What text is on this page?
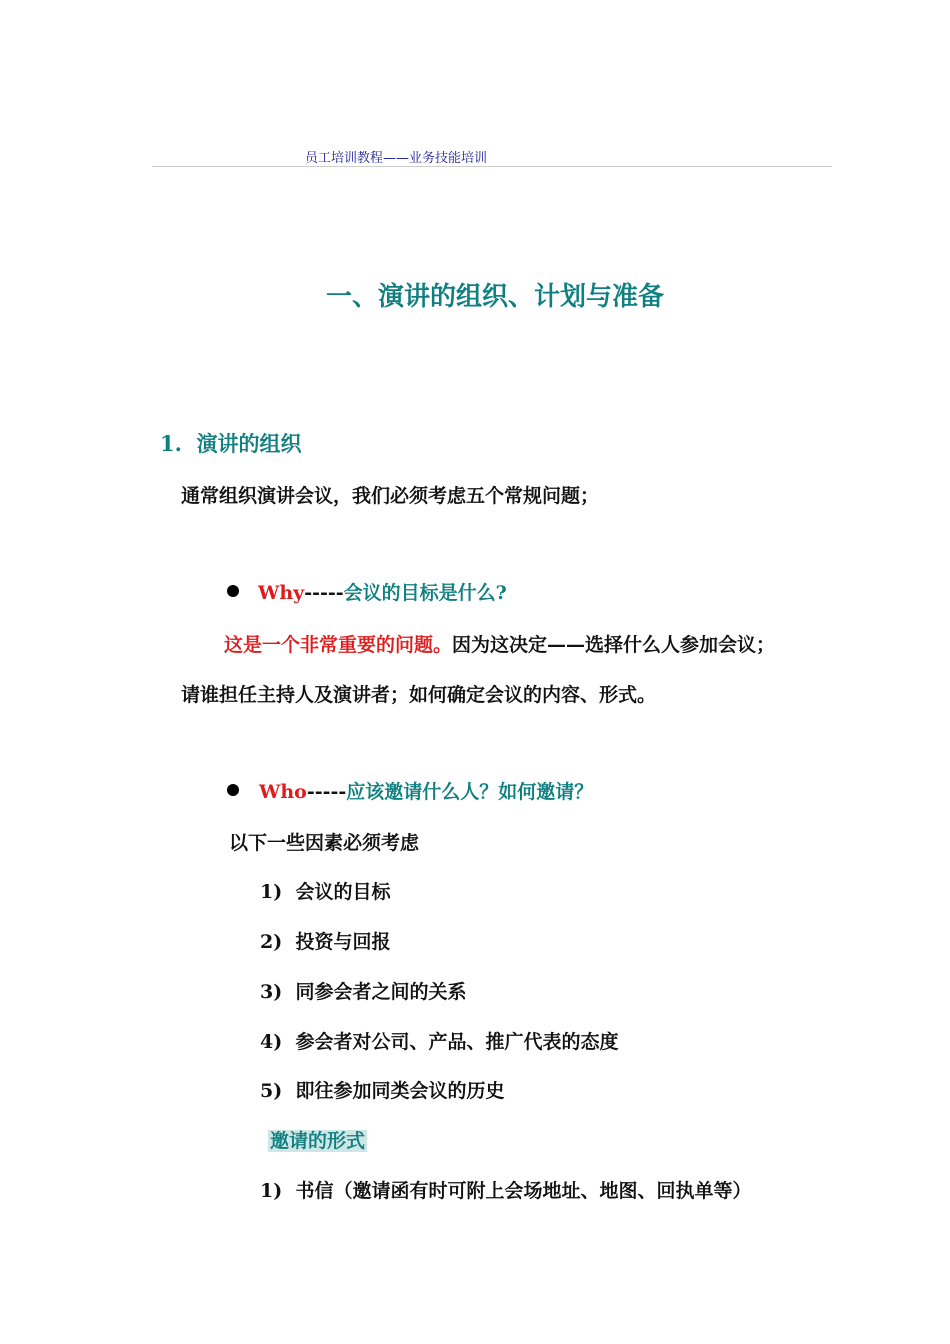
员工培训教程——业务技能培训
一、演讲的组织、计划与准备
1. 演讲的组织
通常组织演讲会议，我们必须考虑五个常规问题；
Why-----会议的目标是什么?
这是一个非常重要的问题。因为这决定——选择什么人参加会议；
请谁担任主持人及演讲者；如何确定会议的内容、形式。
Who-----应该邀请什么人？如何邀请？
以下一些因素必须考虑
1) 会议的目标
2) 投资与回报
3) 同参会者之间的关系
4) 参会者对公司、产品、推广代表的态度
5) 即往参加同类会议的历史
邀请的形式
1) 书信（邀请函有时可附上会场地址、地图、回执单等）
